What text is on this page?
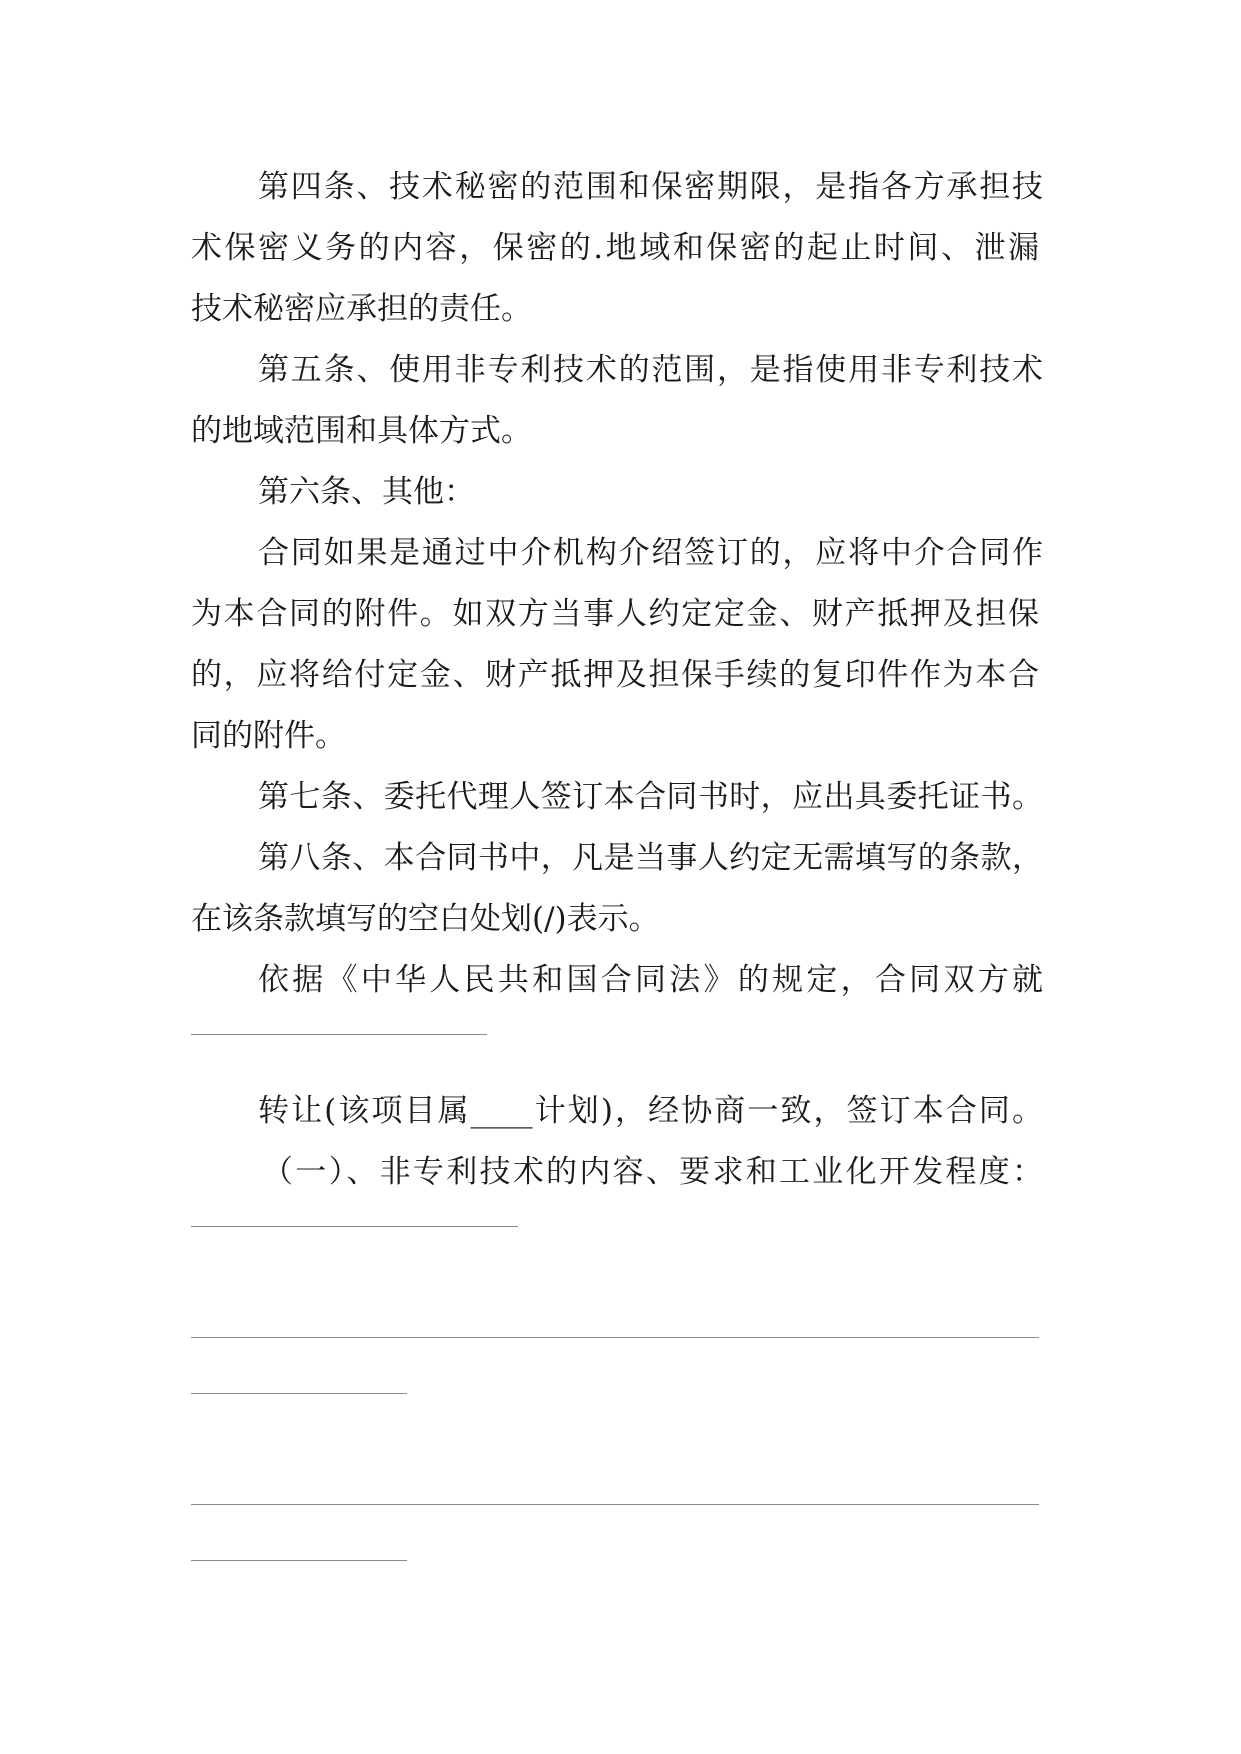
第四条、技术秘密的范围和保密期限，是指各方承担技
术保密义务的内容，保密的.地域和保密的起止时间、泄漏
技术秘密应承担的责任。
第五条、使用非专利技术的范围，是指使用非专利技术
的地域范围和具体方式。
第六条、其他：
合同如果是通过中介机构介绍签订的，应将中介合同作
为本合同的附件。如双方当事人约定定金、财产抵押及担保
的，应将给付定金、财产抵押及担保手续的复印件作为本合
同的附件。
第七条、委托代理人签订本合同书时，应出具委托证书。
第八条、本合同书中，凡是当事人约定无需填写的条款，
在该条款填写的空白处划(/)表示。
依据《中华人民共和国合同法》的规定，合同双方就
转让(该项目属____计划)，经协商一致，签订本合同。
（一）、非专利技术的内容、要求和工业化开发程度：
